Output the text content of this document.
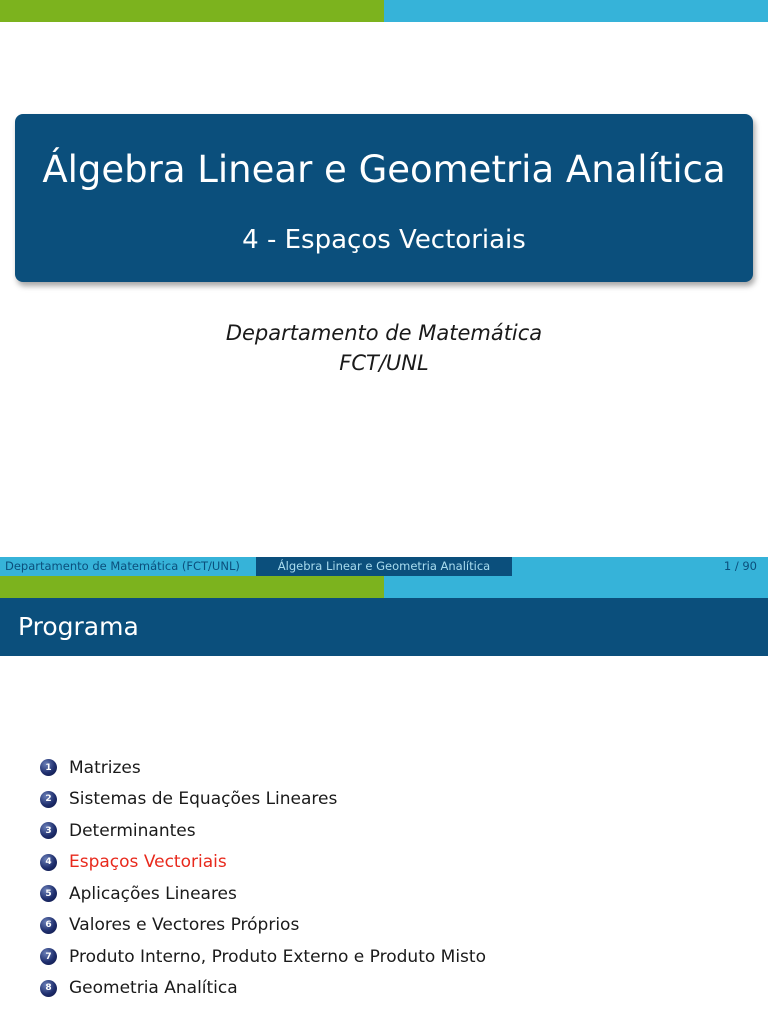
Álgebra Linear e Geometria Analítica
4 - Espaços Vectoriais
Departamento de Matemática
FCT/UNL
Departamento de Matemática (FCT/UNL)	Álgebra Linear e Geometria Analítica	1 / 90
Programa
1	Matrizes
2	Sistemas de Equações Lineares
3	Determinantes
4	Espaços Vectoriais
5	Aplicações Lineares
6	Valores e Vectores Próprios
7	Produto Interno, Produto Externo e Produto Misto
8	Geometria Analítica
